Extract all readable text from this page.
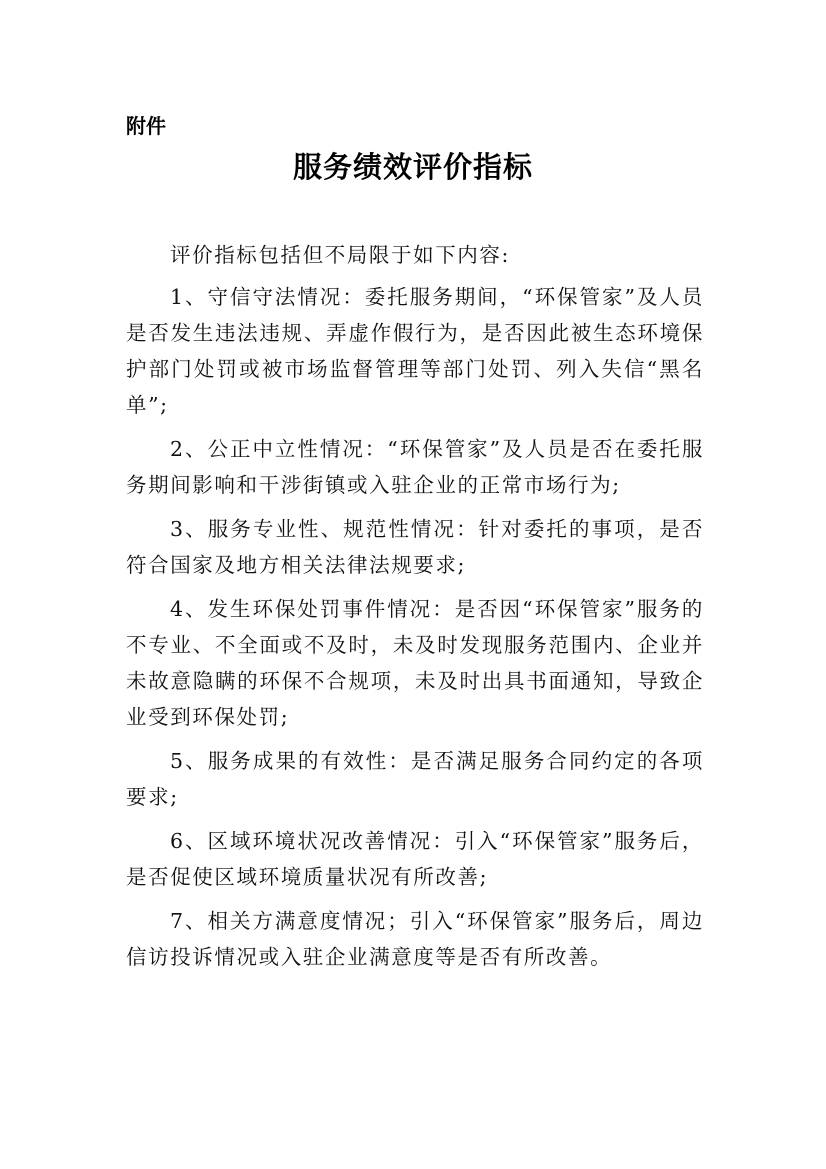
附件
服务绩效评价指标

评价指标包括但不局限于如下内容:

1、守信守法情况：委托服务期间，“环保管家”及人员是否发生违法违规、弄虚作假行为，是否因此被生态环境保护部门处罚或被市场监督管理等部门处罚、列入失信“黑名单”;

2、公正中立性情况：“环保管家”及人员是否在委托服务期间影响和干涉街镇或入驻企业的正常市场行为;

3、服务专业性、规范性情况：针对委托的事项，是否符合国家及地方相关法律法规要求;

4、发生环保处罚事件情况：是否因“环保管家”服务的不专业、不全面或不及时，未及时发现服务范围内、企业并未故意隐瞒的环保不合规项，未及时出具书面通知，导致企业受到环保处罚;

5、服务成果的有效性：是否满足服务合同约定的各项要求;

6、区域环境状况改善情况：引入“环保管家”服务后，是否促使区域环境质量状况有所改善;

7、相关方满意度情况；引入“环保管家”服务后，周边信访投诉情况或入驻企业满意度等是否有所改善。
